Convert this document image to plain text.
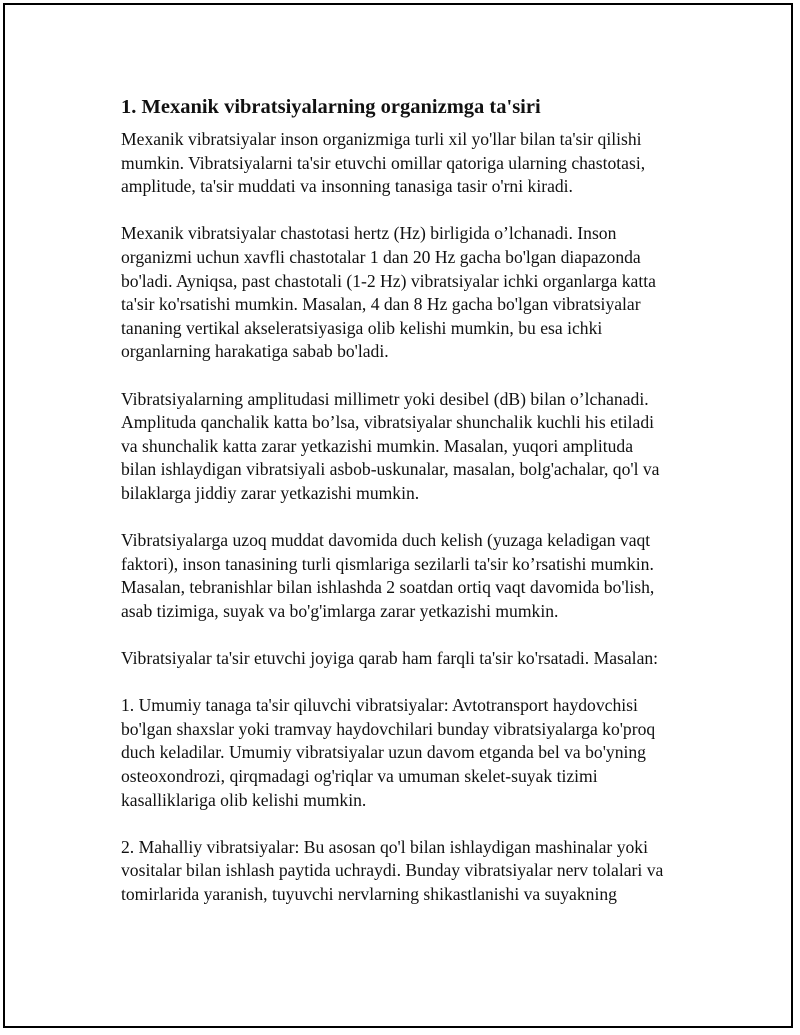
1. Mexanik vibratsiyalarning organizmga ta'siri

Mexanik vibratsiyalar inson organizmiga turli xil yo'llar bilan ta'sir qilishi
mumkin. Vibratsiyalarni ta'sir etuvchi omillar qatoriga ularning chastotasi,
amplitude, ta'sir muddati va insonning tanasiga tasir o'rni kiradi.

Mexanik vibratsiyalar chastotasi hertz (Hz) birligida o’lchanadi. Inson
organizmi uchun xavfli chastotalar 1 dan 20 Hz gacha bo'lgan diapazonda
bo'ladi. Ayniqsa, past chastotali (1-2 Hz) vibratsiyalar ichki organlarga katta
ta'sir ko'rsatishi mumkin. Masalan, 4 dan 8 Hz gacha bo'lgan vibratsiyalar
tananing vertikal akseleratsiyasiga olib kelishi mumkin, bu esa ichki
organlarning harakatiga sabab bo'ladi.

Vibratsiyalarning amplitudasi millimetr yoki desibel (dB) bilan o’lchanadi.
Amplituda qanchalik katta bo’lsa, vibratsiyalar shunchalik kuchli his etiladi
va shunchalik katta zarar yetkazishi mumkin. Masalan, yuqori amplituda
bilan ishlaydigan vibratsiyali asbob-uskunalar, masalan, bolg'achalar, qo'l va
bilaklarga jiddiy zarar yetkazishi mumkin.

Vibratsiyalarga uzoq muddat davomida duch kelish (yuzaga keladigan vaqt
faktori), inson tanasining turli qismlariga sezilarli ta'sir ko’rsatishi mumkin.
Masalan, tebranishlar bilan ishlashda 2 soatdan ortiq vaqt davomida bo'lish,
asab tizimiga, suyak va bo'g'imlarga zarar yetkazishi mumkin.

Vibratsiyalar ta'sir etuvchi joyiga qarab ham farqli ta'sir ko'rsatadi. Masalan:

1. Umumiy tanaga ta'sir qiluvchi vibratsiyalar: Avtotransport haydovchisi
bo'lgan shaxslar yoki tramvay haydovchilari bunday vibratsiyalarga ko'proq
duch keladilar. Umumiy vibratsiyalar uzun davom etganda bel va bo'yning
osteoxondrozi, qirqmadagi og'riqlar va umuman skelet-suyak tizimi
kasalliklariga olib kelishi mumkin.

2. Mahalliy vibratsiyalar: Bu asosan qo'l bilan ishlaydigan mashinalar yoki
vositalar bilan ishlash paytida uchraydi. Bunday vibratsiyalar nerv tolalari va
tomirlarida yaranish, tuyuvchi nervlarning shikastlanishi va suyakning
